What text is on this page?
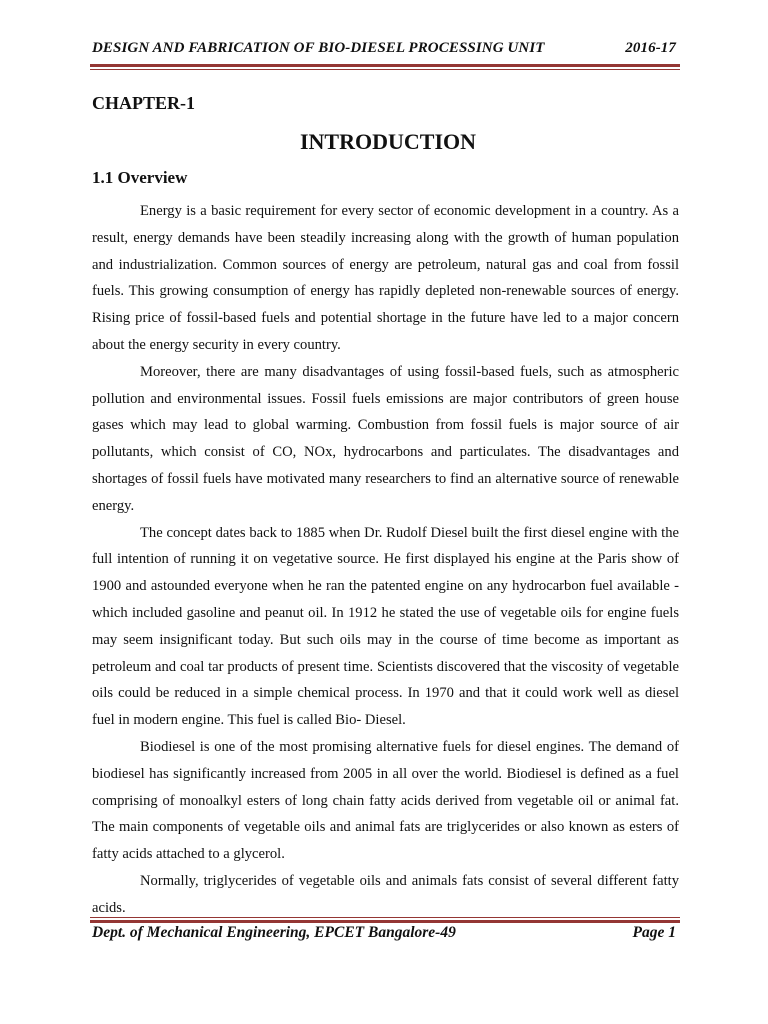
DESIGN AND FABRICATION OF BIO-DIESEL PROCESSING UNIT	2016-17
CHAPTER-1
INTRODUCTION
1.1 Overview

Energy is a basic requirement for every sector of economic development in a country. As a result, energy demands have been steadily increasing along with the growth of human population and industrialization. Common sources of energy are petroleum, natural gas and coal from fossil fuels. This growing consumption of energy has rapidly depleted non-renewable sources of energy. Rising price of fossil-based fuels and potential shortage in the future have led to a major concern about the energy security in every country.

Moreover, there are many disadvantages of using fossil-based fuels, such as atmospheric pollution and environmental issues. Fossil fuels emissions are major contributors of green house gases which may lead to global warming. Combustion from fossil fuels is major source of air pollutants, which consist of CO, NOx, hydrocarbons and particulates. The disadvantages and shortages of fossil fuels have motivated many researchers to find an alternative source of renewable energy.

The concept dates back to 1885 when Dr. Rudolf Diesel built the first diesel engine with the full intention of running it on vegetative source. He first displayed his engine at the Paris show of 1900 and astounded everyone when he ran the patented engine on any hydrocarbon fuel available - which included gasoline and peanut oil. In 1912 he stated the use of vegetable oils for engine fuels may seem insignificant today. But such oils may in the course of time become as important as petroleum and coal tar products of present time. Scientists discovered that the viscosity of vegetable oils could be reduced in a simple chemical process. In 1970 and that it could work well as diesel fuel in modern engine. This fuel is called Bio- Diesel.

Biodiesel is one of the most promising alternative fuels for diesel engines. The demand of biodiesel has significantly increased from 2005 in all over the world. Biodiesel is defined as a fuel comprising of monoalkyl esters of long chain fatty acids derived from vegetable oil or animal fat. The main components of vegetable oils and animal fats are triglycerides or also known as esters of fatty acids attached to a glycerol.

Normally, triglycerides of vegetable oils and animals fats consist of several different fatty acids.

Dept. of Mechanical Engineering, EPCET Bangalore-49	Page 1
